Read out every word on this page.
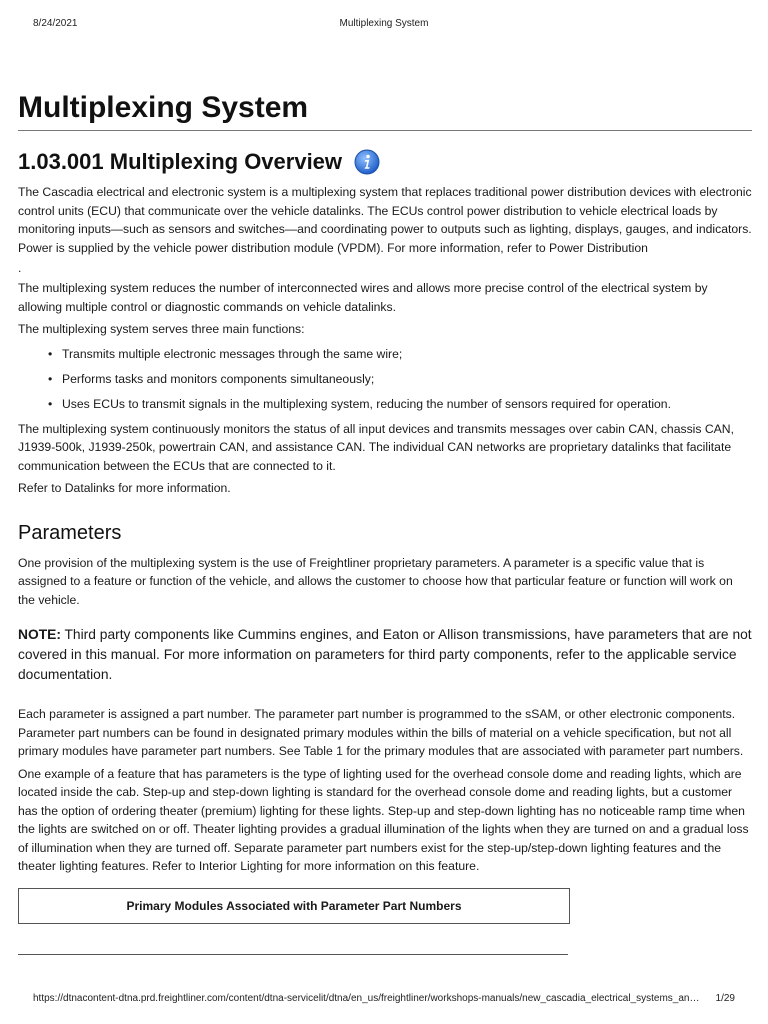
8/24/2021	Multiplexing System
Multiplexing System
1.03.001 Multiplexing Overview

The Cascadia electrical and electronic system is a multiplexing system that replaces traditional power distribution devices with electronic control units (ECU) that communicate over the vehicle datalinks. The ECUs control power distribution to vehicle electrical loads by monitoring inputs—such as sensors and switches—and coordinating power to outputs such as lighting, displays, gauges, and indicators. Power is supplied by the vehicle power distribution module (VPDM). For more information, refer to Power Distribution

.

The multiplexing system reduces the number of interconnected wires and allows more precise control of the electrical system by allowing multiple control or diagnostic commands on vehicle datalinks.

The multiplexing system serves three main functions:

• Transmits multiple electronic messages through the same wire;
• Performs tasks and monitors components simultaneously;
• Uses ECUs to transmit signals in the multiplexing system, reducing the number of sensors required for operation.

The multiplexing system continuously monitors the status of all input devices and transmits messages over cabin CAN, chassis CAN, J1939-500k, J1939-250k, powertrain CAN, and assistance CAN. The individual CAN networks are proprietary datalinks that facilitate communication between the ECUs that are connected to it.

Refer to Datalinks for more information.

Parameters

One provision of the multiplexing system is the use of Freightliner proprietary parameters. A parameter is a specific value that is assigned to a feature or function of the vehicle, and allows the customer to choose how that particular feature or function will work on the vehicle.

NOTE: Third party components like Cummins engines, and Eaton or Allison transmissions, have parameters that are not covered in this manual. For more information on parameters for third party components, refer to the applicable service documentation.

Each parameter is assigned a part number. The parameter part number is programmed to the sSAM, or other electronic components. Parameter part numbers can be found in designated primary modules within the bills of material on a vehicle specification, but not all primary modules have parameter part numbers. See Table 1 for the primary modules that are associated with parameter part numbers.

One example of a feature that has parameters is the type of lighting used for the overhead console dome and reading lights, which are located inside the cab. Step-up and step-down lighting is standard for the overhead console dome and reading lights, but a customer has the option of ordering theater (premium) lighting for these lights. Step-up and step-down lighting has no noticeable ramp time when the lights are switched on or off. Theater lighting provides a gradual illumination of the lights when they are turned on and a gradual loss of illumination when they are turned off. Separate parameter part numbers exist for the step-up/step-down lighting features and the theater lighting features. Refer to Interior Lighting for more information on this feature.

Primary Modules Associated with Parameter Part Numbers
https://dtnacontent-dtna.prd.freightliner.com/content/dtna-servicelit/dtna/en_us/freightliner/workshops-manuals/new_cascadia_electrical_systems_an…	1/29
